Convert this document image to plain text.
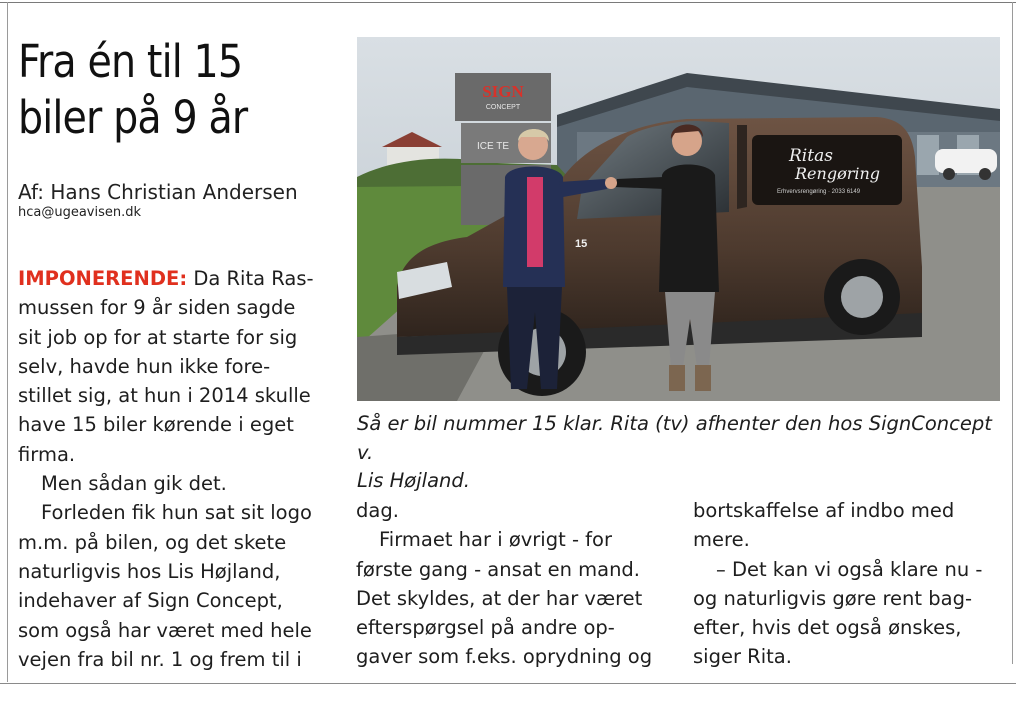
Fra én til 15
biler på 9 år
Af: Hans Christian Andersen
hca@ugeavisen.dk

IMPONERENDE: Da Rita Ras-
mussen for 9 år siden sagde
sit job op for at starte for sig
selv, havde hun ikke fore-
stillet sig, at hun i 2014 skulle
have 15 biler kørende i eget
firma.

Men sådan gik det.

Forleden fik hun sat sit logo
m.m. på bilen, og det skete
naturligvis hos Lis Højland,
indehaver af Sign Concept,
som også har været med hele
vejen fra bil nr. 1 og frem til i

SIGN
CONCEPT
ICE TE	Ritas
Rengøring
Erhvervsrengøring · 2033 6149
15

Så er bil nummer 15 klar. Rita (tv) afhenter den hos SignConcept v.
Lis Højland.

dag.

Firmaet har i øvrigt - for
første gang - ansat en mand.
Det skyldes, at der har været
efterspørgsel på andre op-
gaver som f.eks. oprydning og

bortskaffelse af indbo med
mere.

– Det kan vi også klare nu -
og naturligvis gøre rent bag-
efter, hvis det også ønskes,
siger Rita.
